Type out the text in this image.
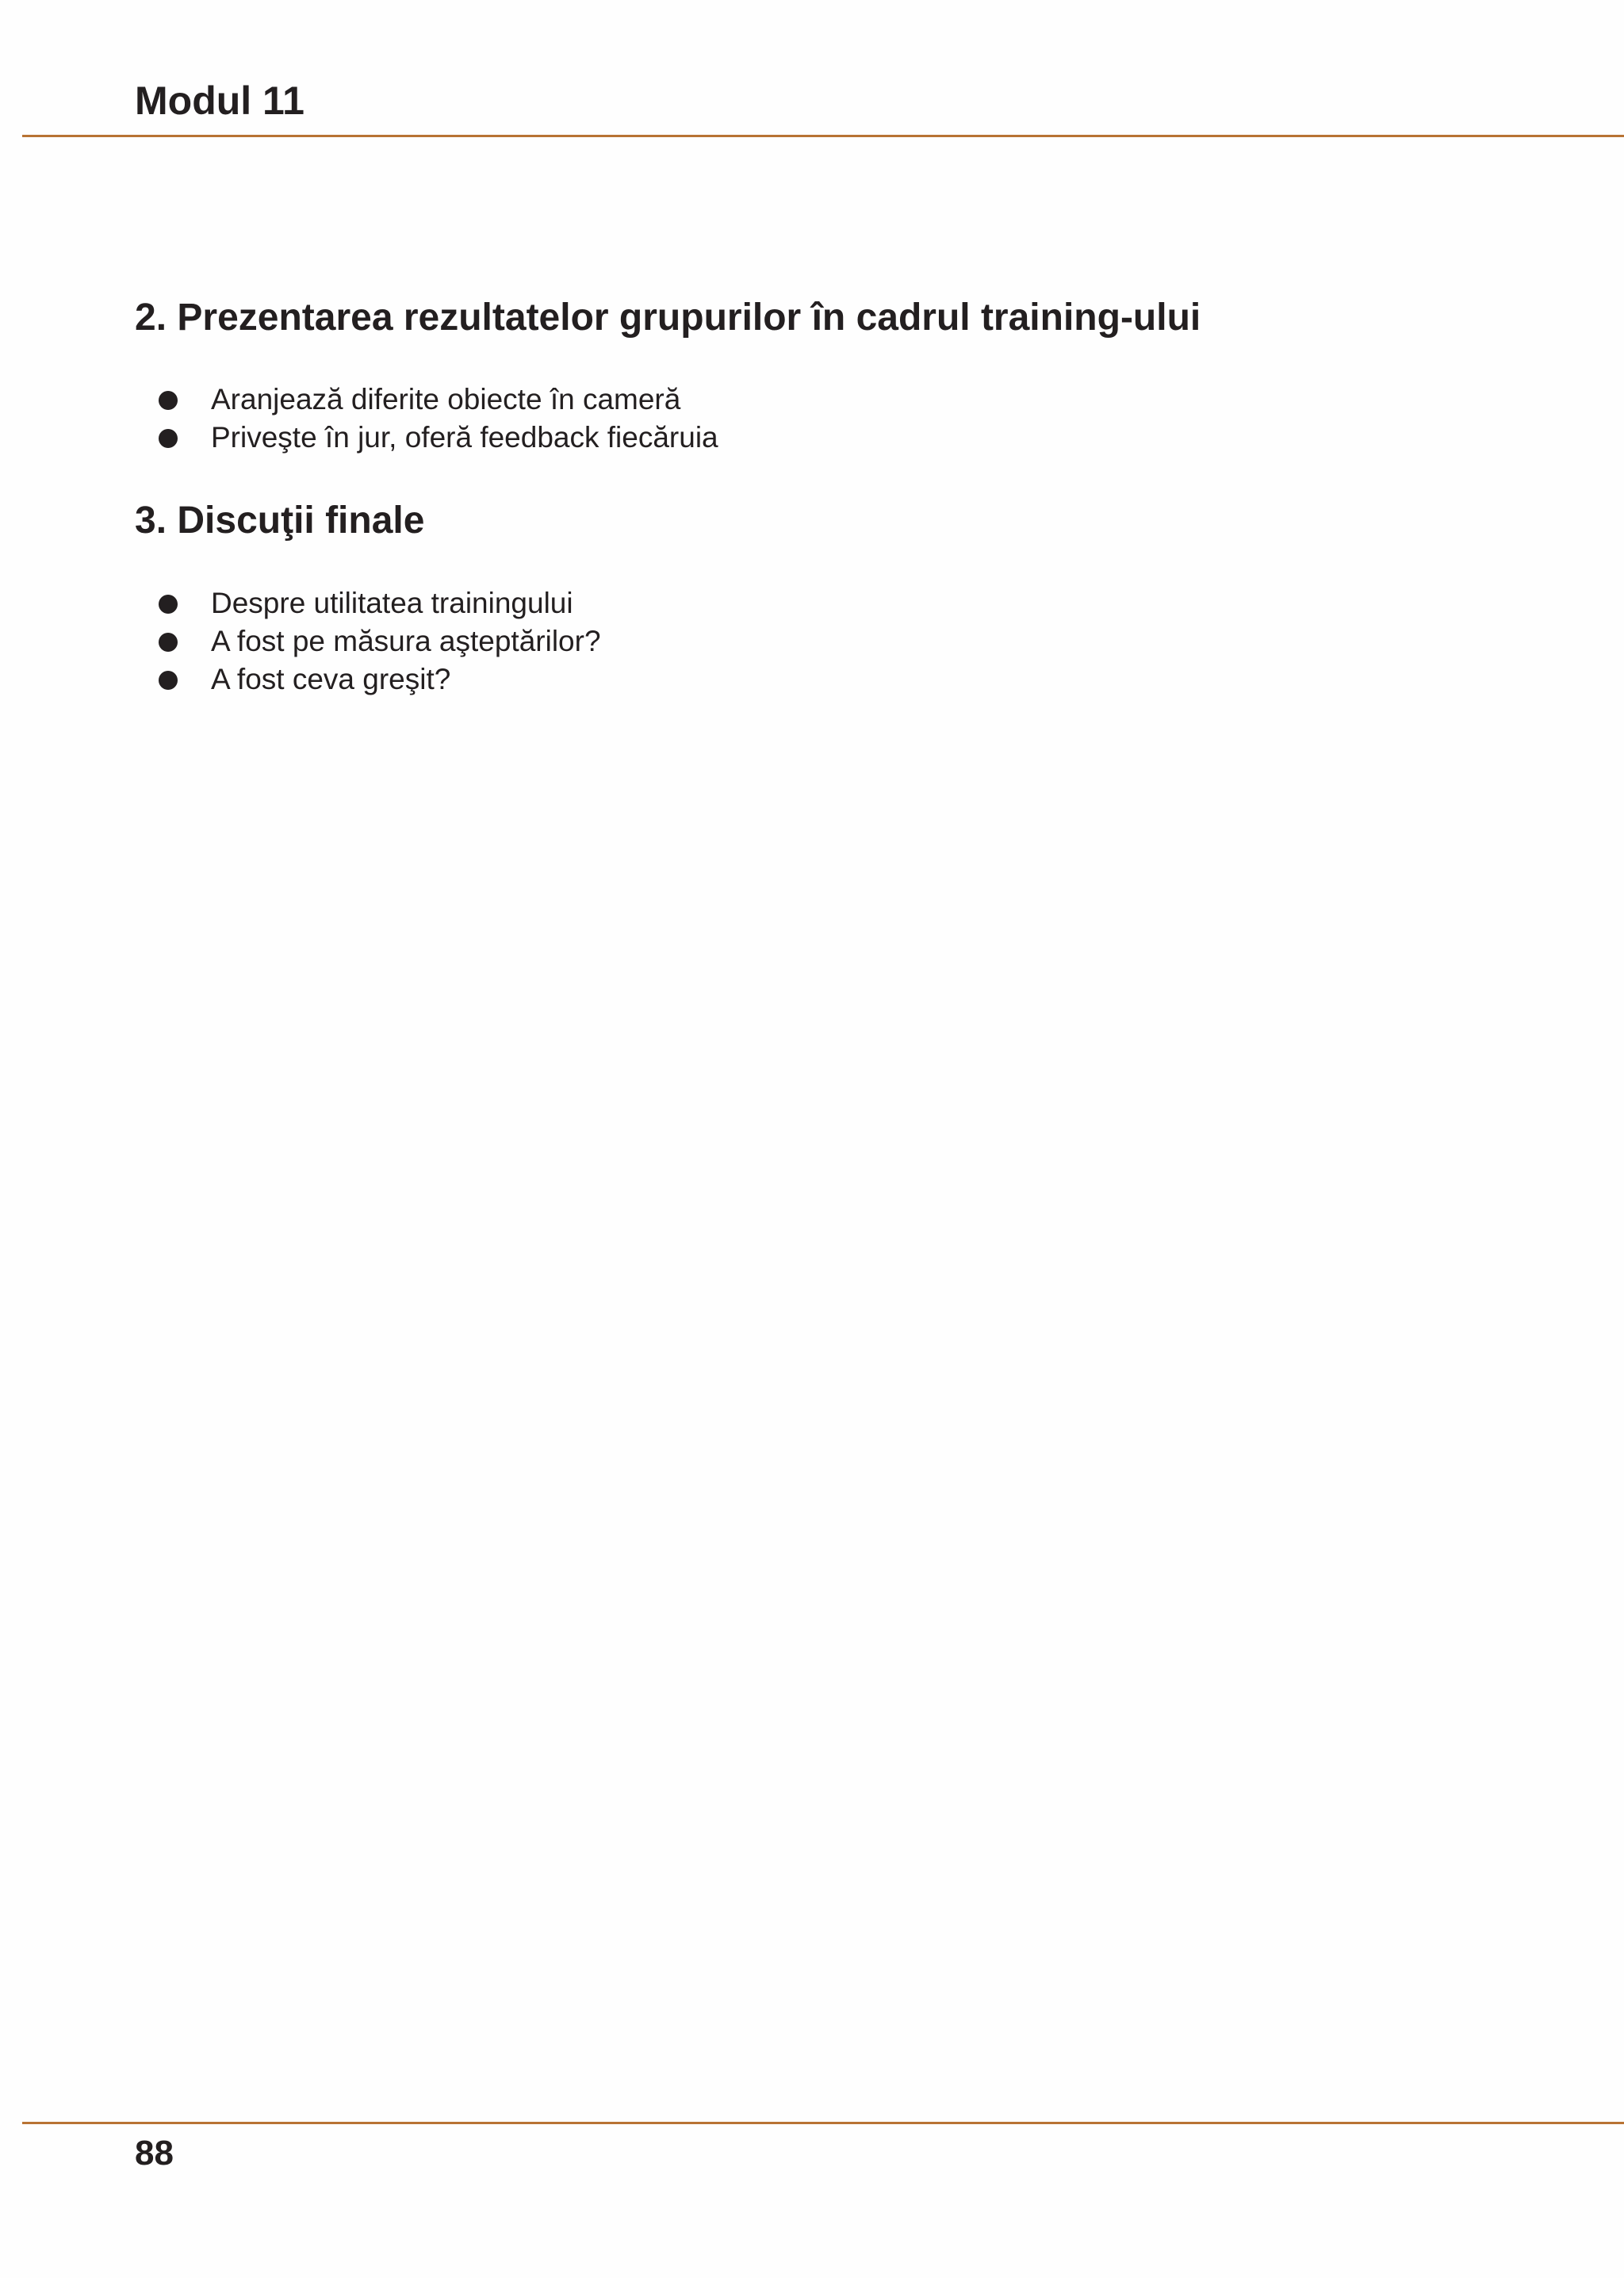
Modul 11
2. Prezentarea rezultatelor grupurilor în cadrul training-ului
Aranjează diferite obiecte în cameră
Priveşte în jur, oferă feedback fiecăruia
3. Discuţii finale
Despre utilitatea trainingului
A fost pe măsura aşteptărilor?
A fost ceva greşit?
88
